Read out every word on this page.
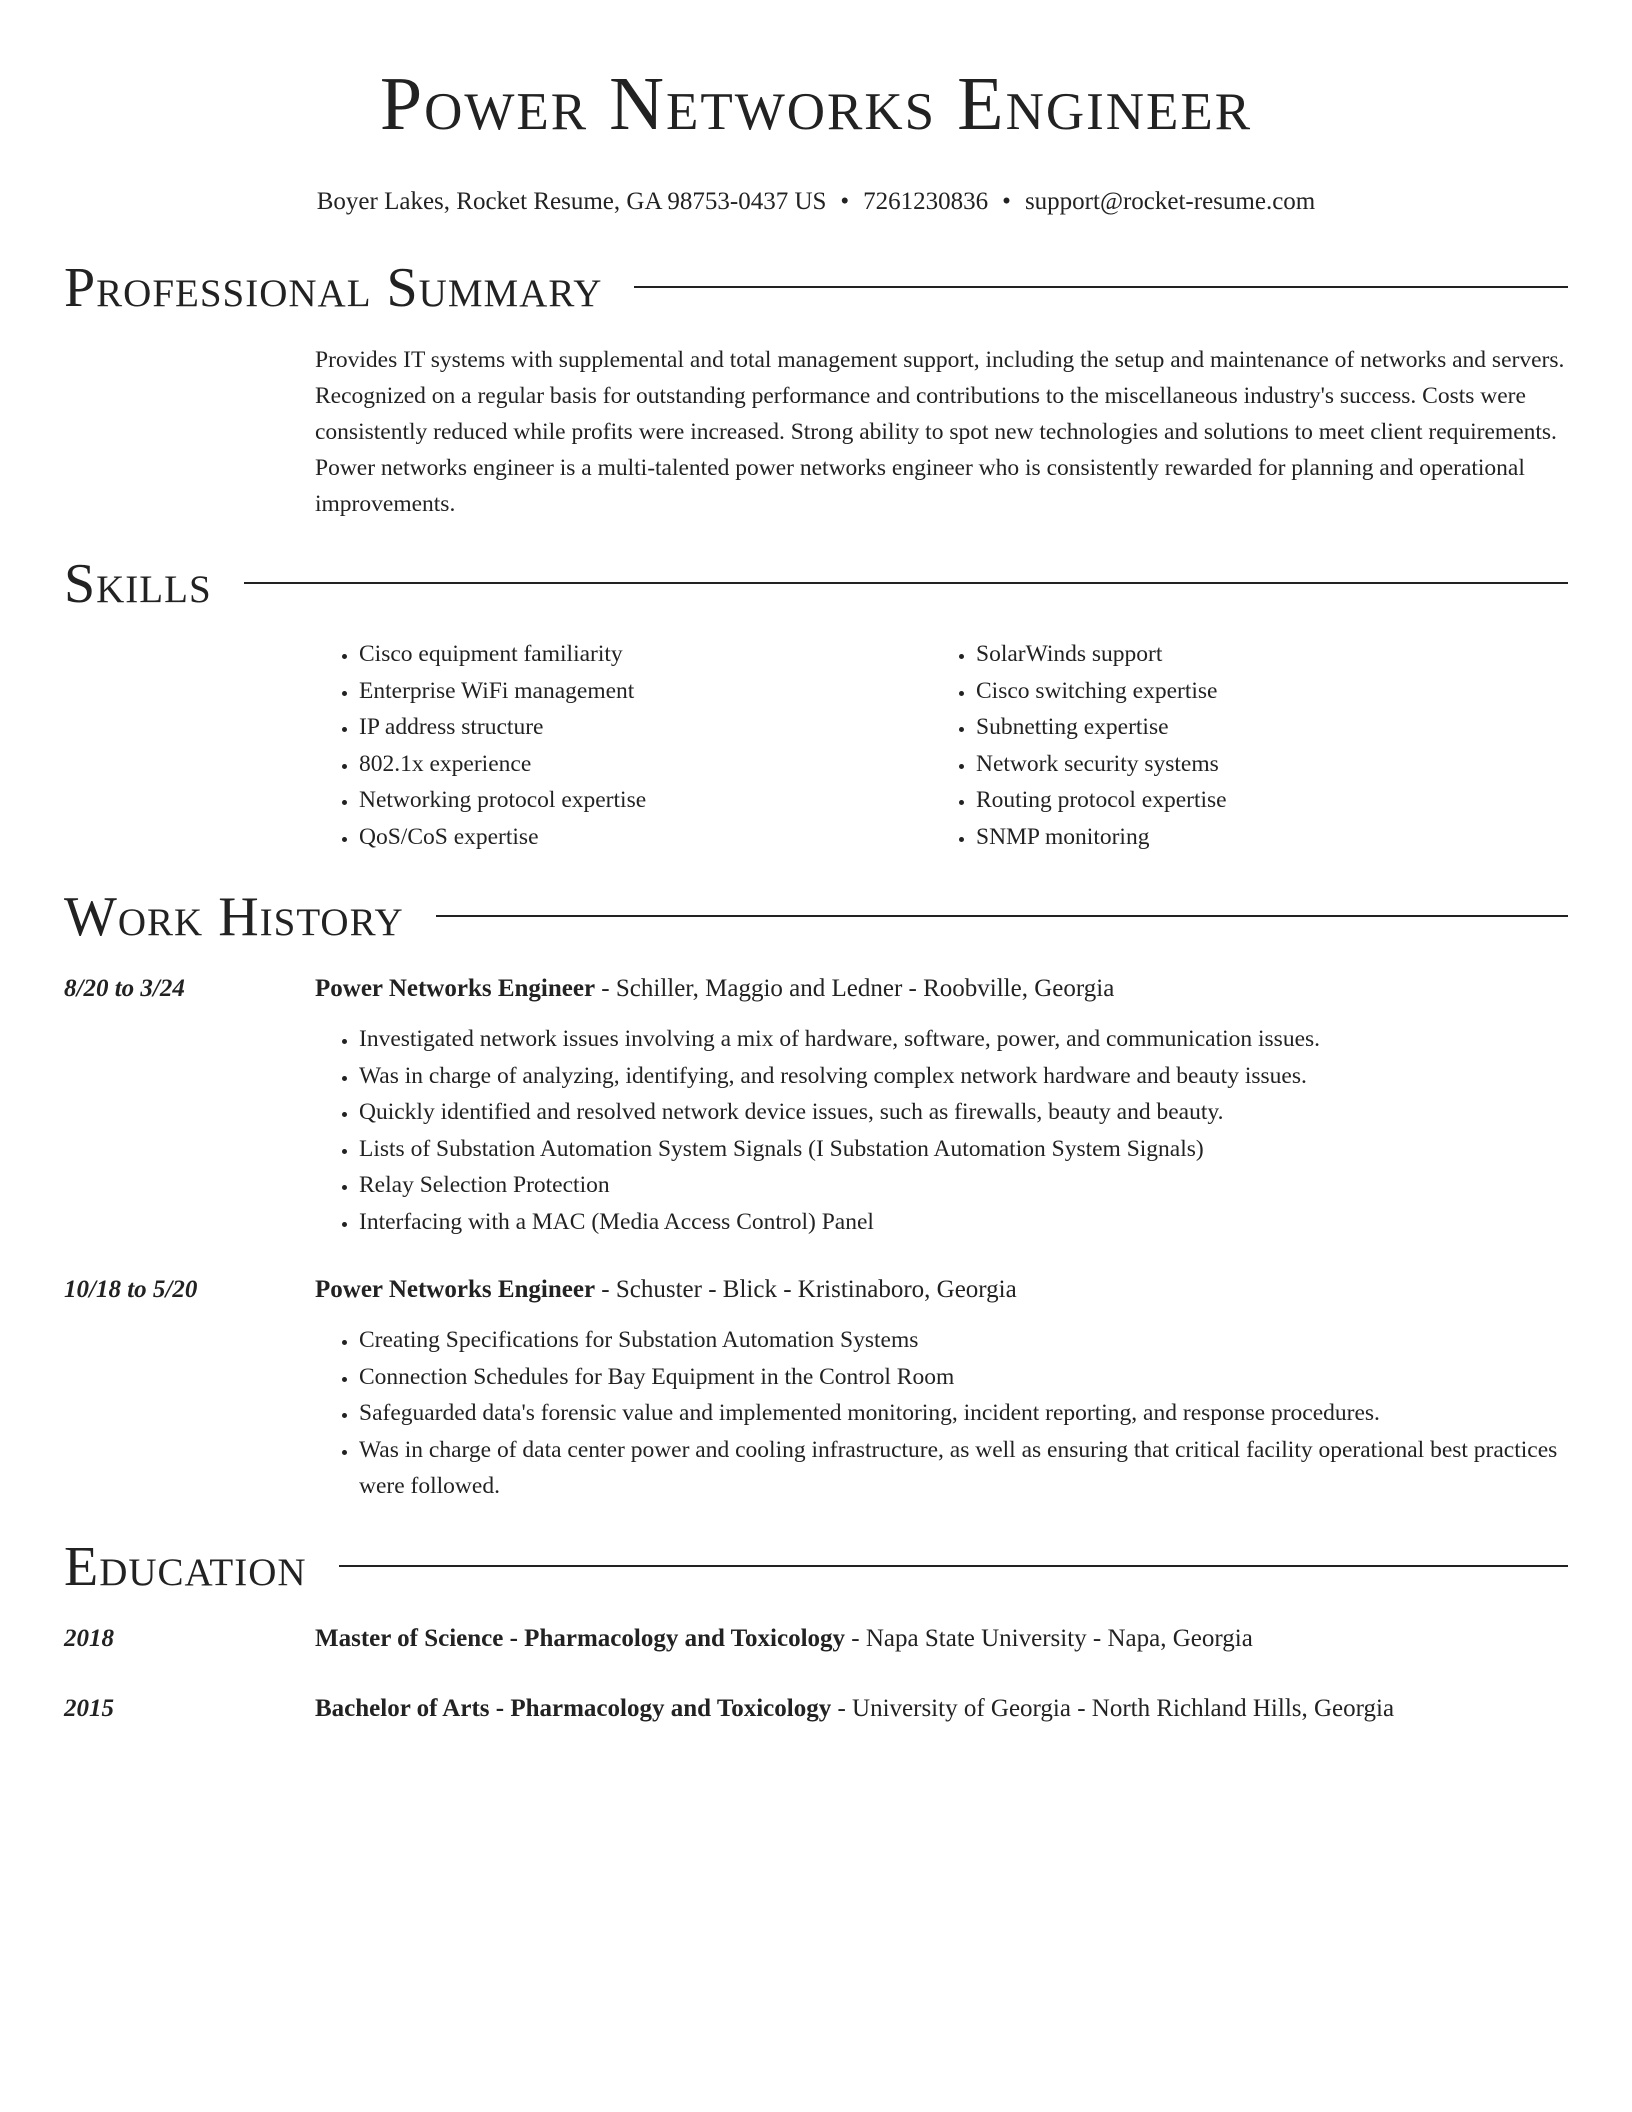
Power Networks Engineer
Boyer Lakes, Rocket Resume, GA 98753-0437 US • 7261230836 • support@rocket-resume.com
Professional Summary
Provides IT systems with supplemental and total management support, including the setup and maintenance of networks and servers. Recognized on a regular basis for outstanding performance and contributions to the miscellaneous industry's success. Costs were consistently reduced while profits were increased. Strong ability to spot new technologies and solutions to meet client requirements. Power networks engineer is a multi-talented power networks engineer who is consistently rewarded for planning and operational improvements.
Skills
• Cisco equipment familiarity
• Enterprise WiFi management
• IP address structure
• 802.1x experience
• Networking protocol expertise
• QoS/CoS expertise
• SolarWinds support
• Cisco switching expertise
• Subnetting expertise
• Network security systems
• Routing protocol expertise
• SNMP monitoring
Work History
8/20 to 3/24	Power Networks Engineer - Schiller, Maggio and Ledner - Roobville, Georgia
• Investigated network issues involving a mix of hardware, software, power, and communication issues.
• Was in charge of analyzing, identifying, and resolving complex network hardware and beauty issues.
• Quickly identified and resolved network device issues, such as firewalls, beauty and beauty.
• Lists of Substation Automation System Signals (I Substation Automation System Signals)
• Relay Selection Protection
• Interfacing with a MAC (Media Access Control) Panel
10/18 to 5/20	Power Networks Engineer - Schuster - Blick - Kristinaboro, Georgia
• Creating Specifications for Substation Automation Systems
• Connection Schedules for Bay Equipment in the Control Room
• Safeguarded data's forensic value and implemented monitoring, incident reporting, and response procedures.
• Was in charge of data center power and cooling infrastructure, as well as ensuring that critical facility operational best practices were followed.
Education
2018	Master of Science - Pharmacology and Toxicology - Napa State University - Napa, Georgia
2015	Bachelor of Arts - Pharmacology and Toxicology - University of Georgia - North Richland Hills, Georgia
